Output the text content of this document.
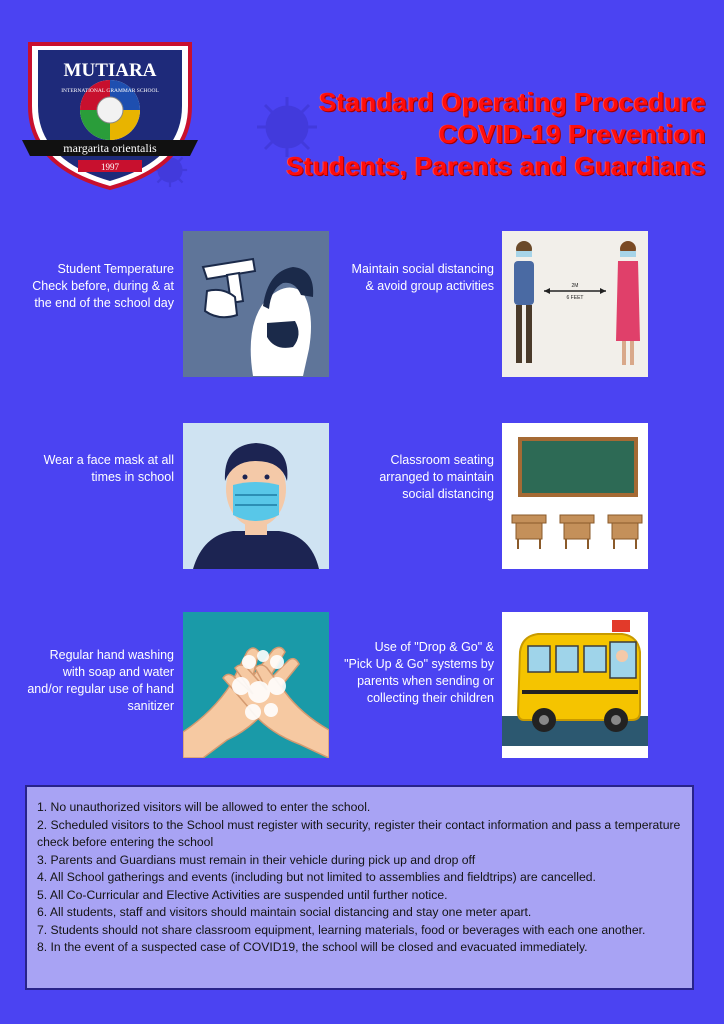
MUTIARA
INTERNATIONAL GRAMMAR SCHOOL
margarita orientalis
1997
Standard Operating Procedure
COVID-19 Prevention
Students, Parents and Guardians
Student Temperature Check before, during & at the end of the school day
Maintain social distancing & avoid group activities	2M
6 FEET
Wear a face mask at all times in school
Classroom seating arranged to maintain social distancing
Regular hand washing with soap and water and/or regular use of hand sanitizer
Use of "Drop & Go" & "Pick Up & Go" systems by parents when sending or collecting their children
1. No unauthorized visitors will be allowed to enter the school.
2. Scheduled visitors to the School must register with security, register their contact information and pass a temperature check before entering the school
3. Parents and Guardians must remain in their vehicle during pick up and drop off
4. All School gatherings and events (including but not limited to assemblies and fieldtrips) are cancelled.
5. All Co-Curricular and Elective Activities are suspended until further notice.
6. All students, staff and visitors should maintain social distancing and stay one meter apart.
7. Students should not share classroom equipment, learning materials, food or beverages with each one another.
8. In the event of a suspected case of COVID19, the school will be closed and evacuated immediately.
